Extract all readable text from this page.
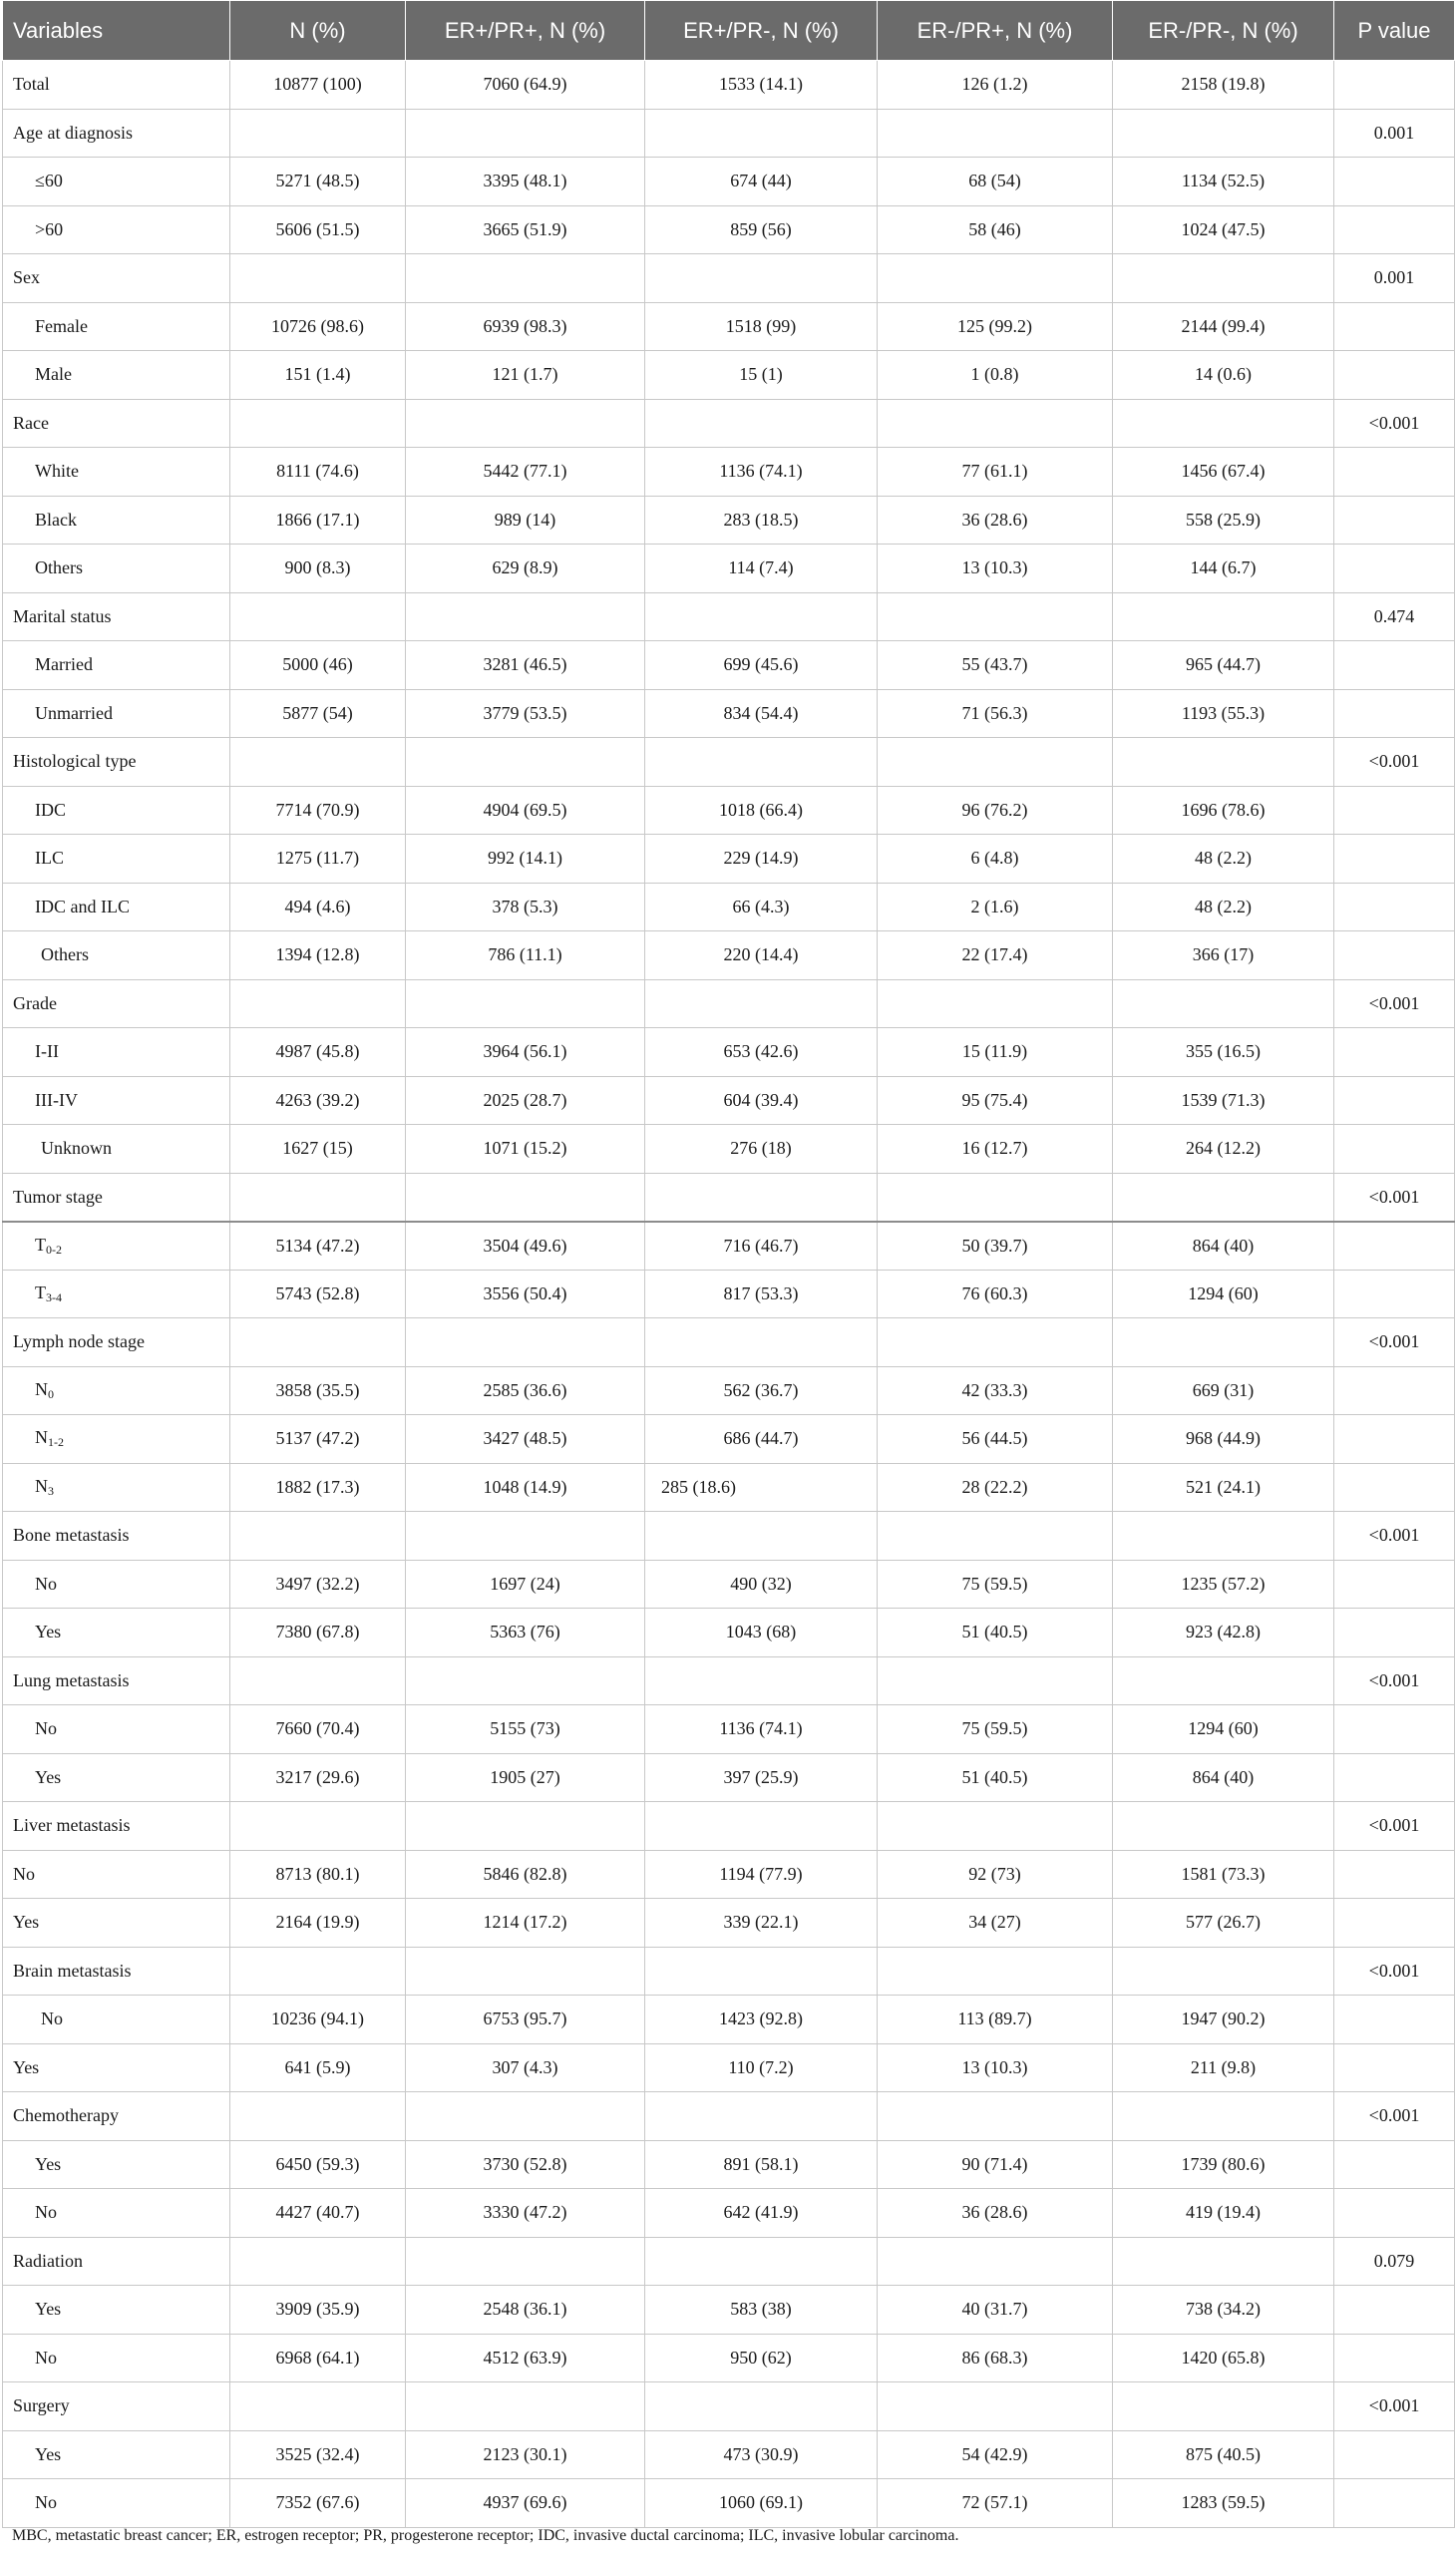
Variables	N (%)	ER+/PR+, N (%)	ER+/PR-, N (%)	ER-/PR+, N (%)	ER-/PR-, N (%)	P value
Total	10877 (100)	7060 (64.9)	1533 (14.1)	126 (1.2)	2158 (19.8)	
Age at diagnosis						0.001
≤60	5271 (48.5)	3395 (48.1)	674 (44)	68 (54)	1134 (52.5)	
>60	5606 (51.5)	3665 (51.9)	859 (56)	58 (46)	1024 (47.5)	
Sex						0.001
Female	10726 (98.6)	6939 (98.3)	1518 (99)	125 (99.2)	2144 (99.4)	
Male	151 (1.4)	121 (1.7)	15 (1)	1 (0.8)	14 (0.6)	
Race						<0.001
White	8111 (74.6)	5442 (77.1)	1136 (74.1)	77 (61.1)	1456 (67.4)	
Black	1866 (17.1)	989 (14)	283 (18.5)	36 (28.6)	558 (25.9)	
Others	900 (8.3)	629 (8.9)	114 (7.4)	13 (10.3)	144 (6.7)	
Marital status						0.474
Married	5000 (46)	3281 (46.5)	699 (45.6)	55 (43.7)	965 (44.7)	
Unmarried	5877 (54)	3779 (53.5)	834 (54.4)	71 (56.3)	1193 (55.3)	
Histological type						<0.001
IDC	7714 (70.9)	4904 (69.5)	1018 (66.4)	96 (76.2)	1696 (78.6)	
ILC	1275 (11.7)	992 (14.1)	229 (14.9)	6 (4.8)	48 (2.2)	
IDC and ILC	494 (4.6)	378 (5.3)	66 (4.3)	2 (1.6)	48 (2.2)	
Others	1394 (12.8)	786 (11.1)	220 (14.4)	22 (17.4)	366 (17)	
Grade						<0.001
I-II	4987 (45.8)	3964 (56.1)	653 (42.6)	15 (11.9)	355 (16.5)	
III-IV	4263 (39.2)	2025 (28.7)	604 (39.4)	95 (75.4)	1539 (71.3)	
Unknown	1627 (15)	1071 (15.2)	276 (18)	16 (12.7)	264 (12.2)	
Tumor stage						<0.001
$T_{0-2}$	5134 (47.2)	3504 (49.6)	716 (46.7)	50 (39.7)	864 (40)	
$T_{3-4}$	5743 (52.8)	3556 (50.4)	817 (53.3)	76 (60.3)	1294 (60)	
Lymph node stage						<0.001
$N_0$	3858 (35.5)	2585 (36.6)	562 (36.7)	42 (33.3)	669 (31)	
$N_{1-2}$	5137 (47.2)	3427 (48.5)	686 (44.7)	56 (44.5)	968 (44.9)	
$N_3$	1882 (17.3)	1048 (14.9)	285 (18.6)	28 (22.2)	521 (24.1)	
Bone metastasis						<0.001
No	3497 (32.2)	1697 (24)	490 (32)	75 (59.5)	1235 (57.2)	
Yes	7380 (67.8)	5363 (76)	1043 (68)	51 (40.5)	923 (42.8)	
Lung metastasis						<0.001
No	7660 (70.4)	5155 (73)	1136 (74.1)	75 (59.5)	1294 (60)	
Yes	3217 (29.6)	1905 (27)	397 (25.9)	51 (40.5)	864 (40)	
Liver metastasis						<0.001
No	8713 (80.1)	5846 (82.8)	1194 (77.9)	92 (73)	1581 (73.3)	
Yes	2164 (19.9)	1214 (17.2)	339 (22.1)	34 (27)	577 (26.7)	
Brain metastasis						<0.001
No	10236 (94.1)	6753 (95.7)	1423 (92.8)	113 (89.7)	1947 (90.2)	
Yes	641 (5.9)	307 (4.3)	110 (7.2)	13 (10.3)	211 (9.8)	
Chemotherapy						<0.001
Yes	6450 (59.3)	3730 (52.8)	891 (58.1)	90 (71.4)	1739 (80.6)	
No	4427 (40.7)	3330 (47.2)	642 (41.9)	36 (28.6)	419 (19.4)	
Radiation						0.079
Yes	3909 (35.9)	2548 (36.1)	583 (38)	40 (31.7)	738 (34.2)	
No	6968 (64.1)	4512 (63.9)	950 (62)	86 (68.3)	1420 (65.8)	
Surgery						<0.001
Yes	3525 (32.4)	2123 (30.1)	473 (30.9)	54 (42.9)	875 (40.5)	
No	7352 (67.6)	4937 (69.6)	1060 (69.1)	72 (57.1)	1283 (59.5)	
MBC, metastatic breast cancer; ER, estrogen receptor; PR, progesterone receptor; IDC, invasive ductal carcinoma; ILC, invasive lobular carcinoma.
